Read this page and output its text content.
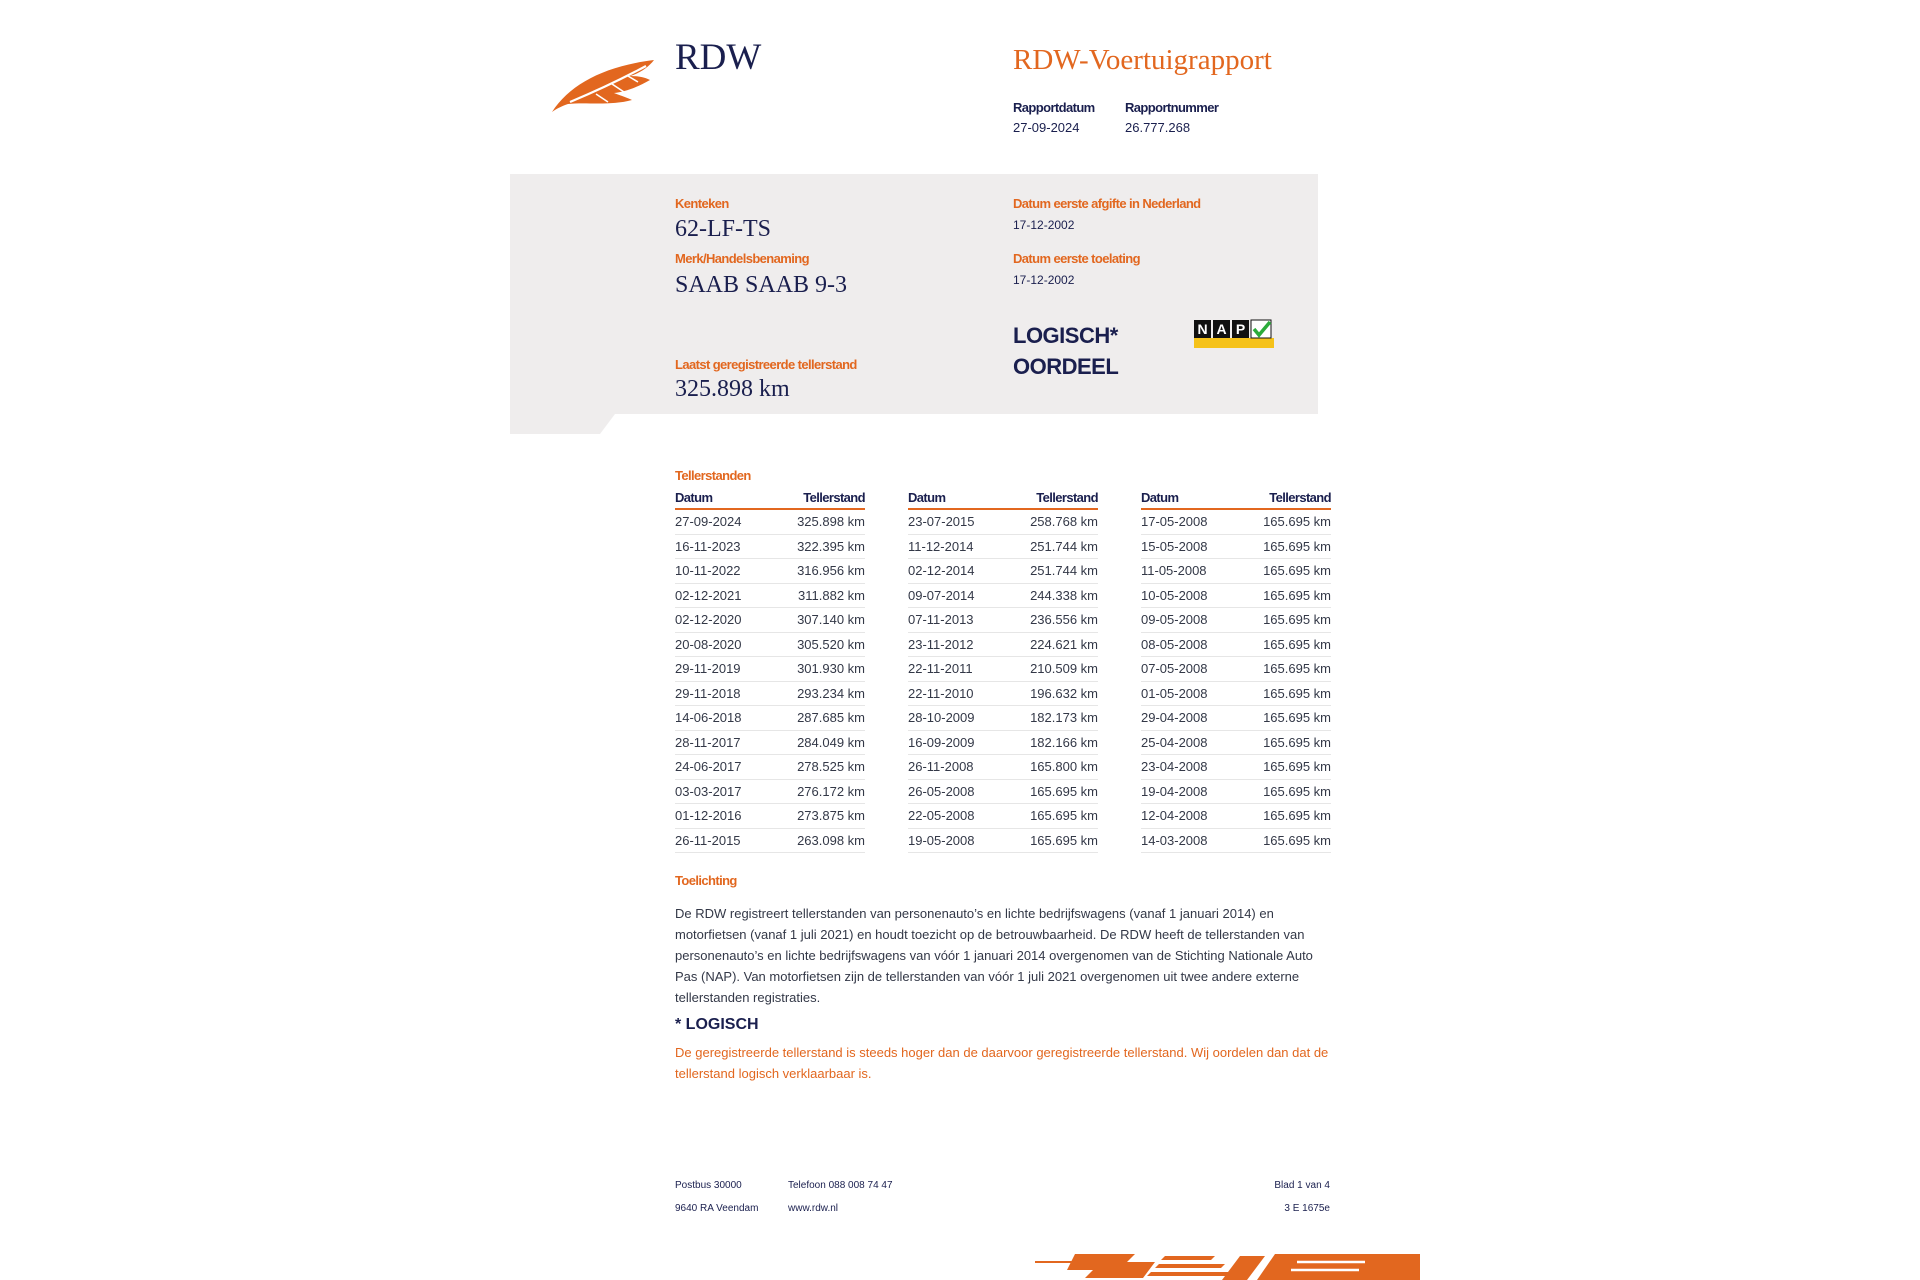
RDW	RDW-Voertuigrapport
Rapportdatum
27-09-2024
Rapportnummer
26.777.268
Kenteken
62-LF-TS
Merk/Handelsbenaming
SAAB SAAB 9-3
Laatst geregistreerde tellerstand
325.898 km
Datum eerste afgifte in Nederland
17-12-2002
Datum eerste toelating
17-12-2002
LOGISCH*
OORDEEL
N A P
Tellerstanden
Datum	Tellerstand
27-09-2024	325.898 km
16-11-2023	322.395 km
10-11-2022	316.956 km
02-12-2021	311.882 km
02-12-2020	307.140 km
20-08-2020	305.520 km
29-11-2019	301.930 km
29-11-2018	293.234 km
14-06-2018	287.685 km
28-11-2017	284.049 km
24-06-2017	278.525 km
03-03-2017	276.172 km
01-12-2016	273.875 km
26-11-2015	263.098 km
Datum	Tellerstand
23-07-2015	258.768 km
11-12-2014	251.744 km
02-12-2014	251.744 km
09-07-2014	244.338 km
07-11-2013	236.556 km
23-11-2012	224.621 km
22-11-2011	210.509 km
22-11-2010	196.632 km
28-10-2009	182.173 km
16-09-2009	182.166 km
26-11-2008	165.800 km
26-05-2008	165.695 km
22-05-2008	165.695 km
19-05-2008	165.695 km
Datum	Tellerstand
17-05-2008	165.695 km
15-05-2008	165.695 km
11-05-2008	165.695 km
10-05-2008	165.695 km
09-05-2008	165.695 km
08-05-2008	165.695 km
07-05-2008	165.695 km
01-05-2008	165.695 km
29-04-2008	165.695 km
25-04-2008	165.695 km
23-04-2008	165.695 km
19-04-2008	165.695 km
12-04-2008	165.695 km
14-03-2008	165.695 km
Toelichting
De RDW registreert tellerstanden van personenauto’s en lichte bedrijfswagens (vanaf 1 januari 2014) en motorfietsen (vanaf 1 juli 2021) en houdt toezicht op de betrouwbaarheid. De RDW heeft de tellerstanden van personenauto’s en lichte bedrijfswagens van vóór 1 januari 2014 overgenomen van de Stichting Nationale Auto Pas (NAP). Van motorfietsen zijn de tellerstanden van vóór 1 juli 2021 overgenomen uit twee andere externe tellerstanden registraties.
* LOGISCH
De geregistreerde tellerstand is steeds hoger dan de daarvoor geregistreerde tellerstand. Wij oordelen dan dat de tellerstand logisch verklaarbaar is.
Postbus 30000
9640 RA Veendam
Telefoon 088 008 74 47
www.rdw.nl
Blad 1 van 4
3 E 1675e
